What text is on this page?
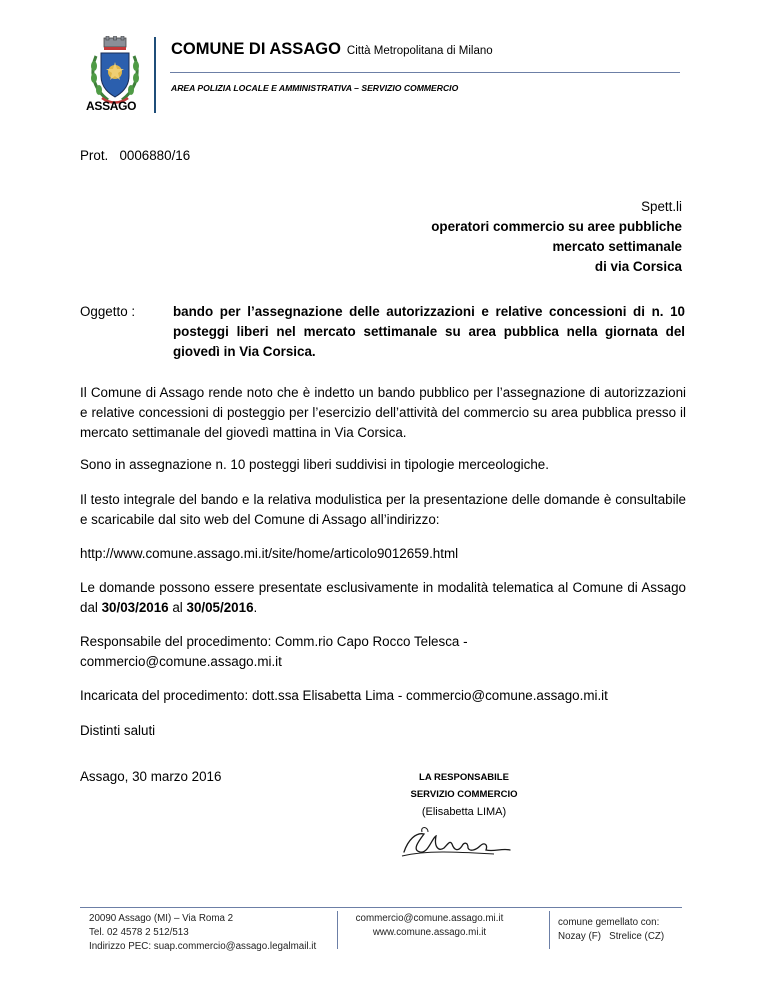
ASSAGO
COMUNE DI ASSAGO Città Metropolitana di Milano
AREA POLIZIA LOCALE E AMMINISTRATIVA – SERVIZIO COMMERCIO
Prot.   0006880/16
Spett.li
operatori commercio su aree pubbliche
mercato settimanale
di via Corsica
Oggetto :	bando per l’assegnazione delle autorizzazioni e relative concessioni di n. 10 posteggi liberi nel mercato settimanale su area pubblica nella giornata del giovedì in Via Corsica.
Il Comune di Assago rende noto che è indetto un bando pubblico per l’assegnazione di autorizzazioni e relative concessioni di posteggio per l’esercizio dell’attività del commercio su area pubblica presso il mercato settimanale del giovedì mattina in Via Corsica.
Sono in assegnazione n. 10 posteggi liberi suddivisi in tipologie merceologiche.
Il testo integrale del bando e la relativa modulistica per la presentazione delle domande è consultabile e scaricabile dal sito web del Comune di Assago all’indirizzo:
http://www.comune.assago.mi.it/site/home/articolo9012659.html
Le domande possono essere presentate esclusivamente in modalità telematica al Comune di Assago dal 30/03/2016 al 30/05/2016.
Responsabile del procedimento: Comm.rio Capo Rocco Telesca - commercio@comune.assago.mi.it
Incaricata del procedimento: dott.ssa Elisabetta Lima - commercio@comune.assago.mi.it
Distinti saluti
Assago, 30 marzo 2016	LA RESPONSABILE
SERVIZIO COMMERCIO
(Elisabetta LIMA)
20090 Assago (MI) – Via Roma 2
Tel. 02 4578 2 512/513
Indirizzo PEC: suap.commercio@assago.legalmail.it
commercio@comune.assago.mi.it
www.comune.assago.mi.it
comune gemellato con:
Nozay (F)   Strelice (CZ)
